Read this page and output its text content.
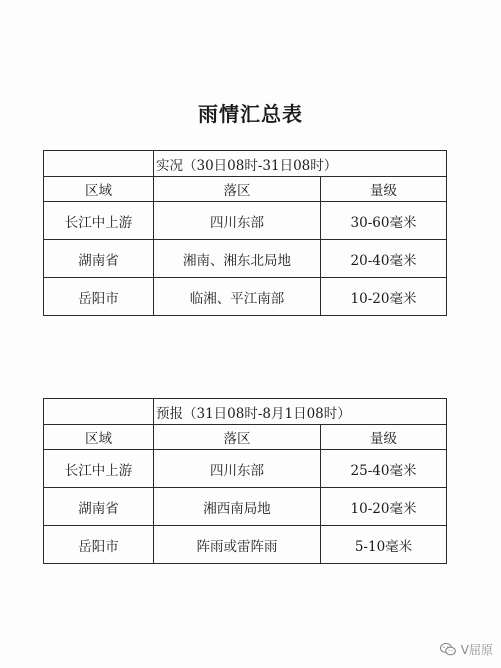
雨情汇总表
	实况（30日08时-31日08时）	
区域	落区	量级
长江中上游	四川东部	30-60毫米
湖南省	湘南、湘东北局地	20-40毫米
岳阳市	临湘、平江南部	10-20毫米
	预报（31日08时-8月1日08时）	
区域	落区	量级
长江中上游	四川东部	25-40毫米
湖南省	湘西南局地	10-20毫米
岳阳市	阵雨或雷阵雨	5-10毫米
V屈原
